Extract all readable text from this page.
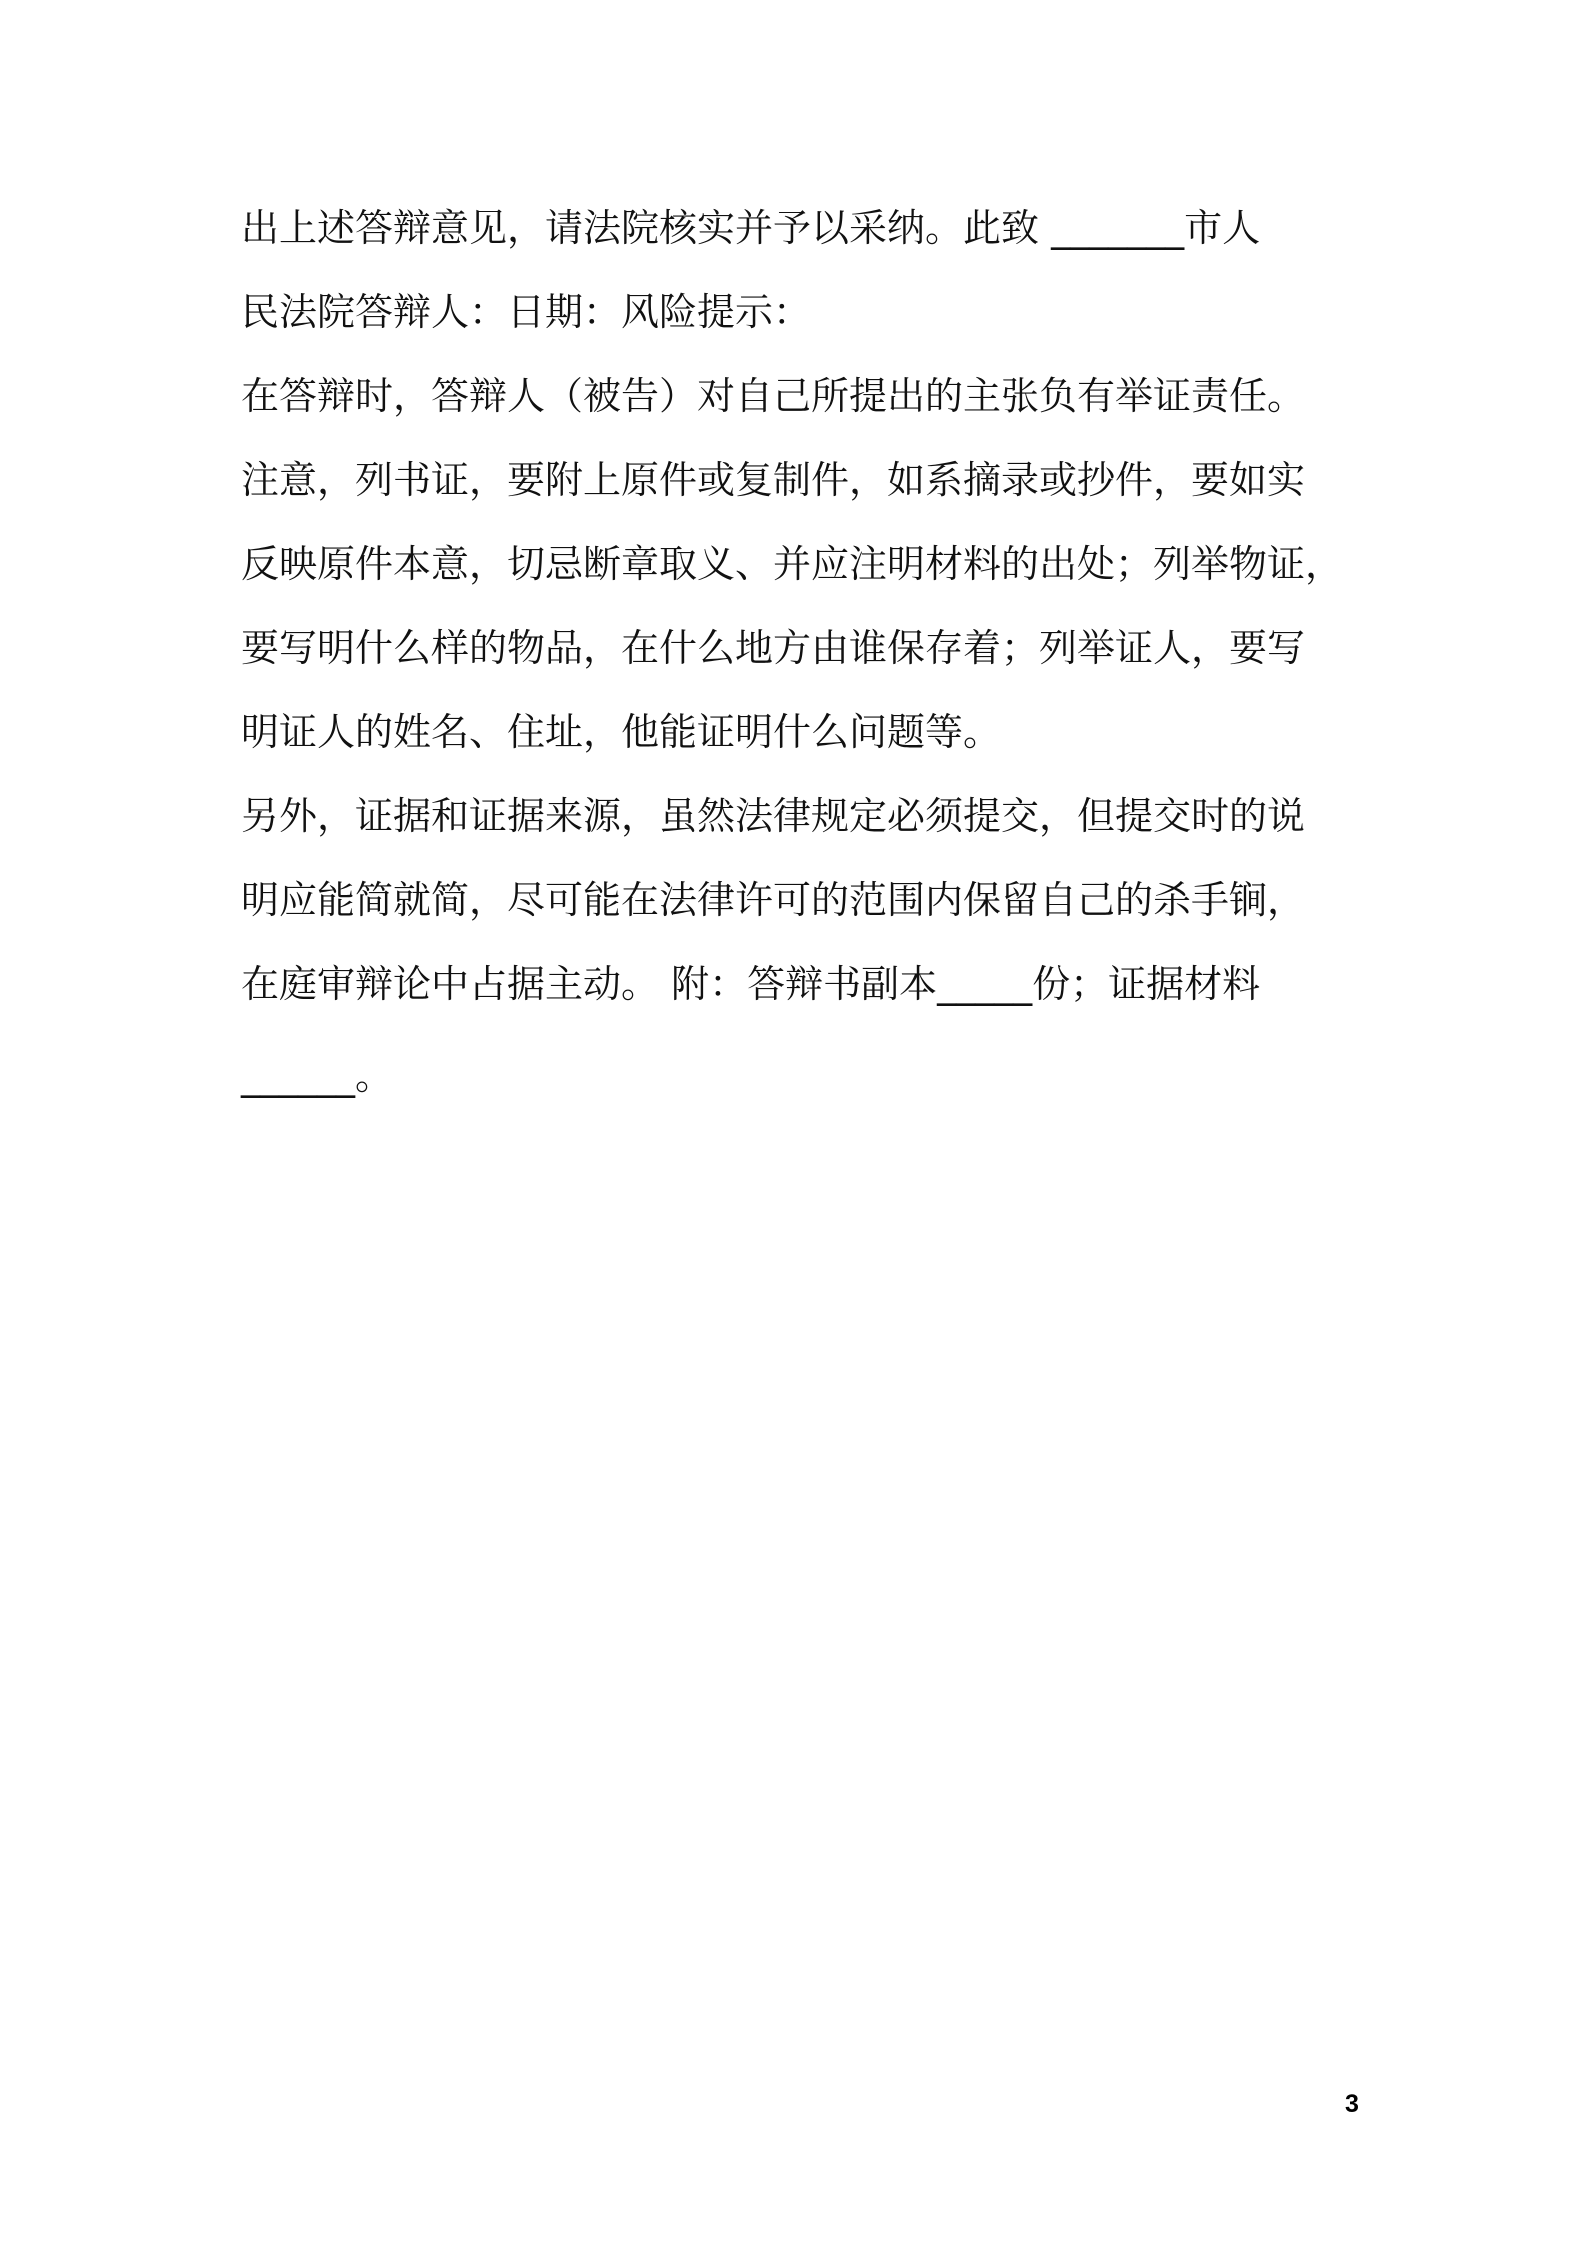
出上述答辩意见，请法院核实并予以采纳。此致 _______市人
民法院答辩人：日期：风险提示：
在答辩时，答辩人（被告）对自己所提出的主张负有举证责任。
注意，列书证，要附上原件或复制件，如系摘录或抄件，要如实
反映原件本意，切忌断章取义、并应注明材料的出处；列举物证，
要写明什么样的物品，在什么地方由谁保存着；列举证人，要写
明证人的姓名、住址，他能证明什么问题等。
另外，证据和证据来源，虽然法律规定必须提交，但提交时的说
明应能简就简，尽可能在法律许可的范围内保留自己的杀手锏，
在庭审辩论中占据主动。 附：答辩书副本_____份；证据材料
______。
3
